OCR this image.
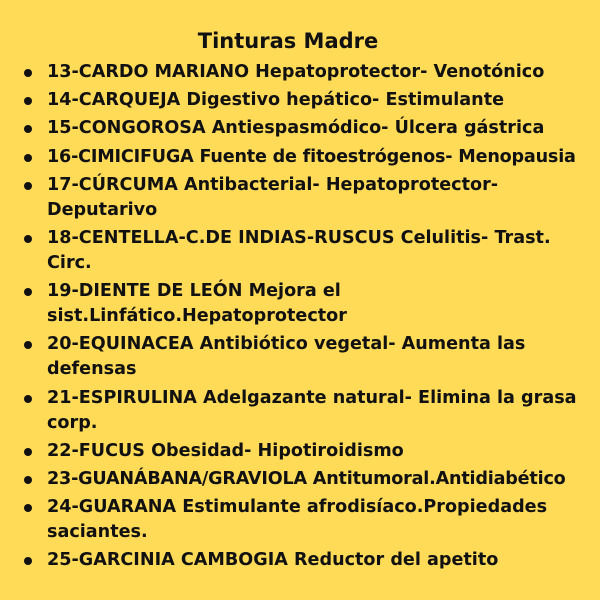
Tinturas Madre
13-CARDO MARIANO Hepatoprotector- Venotónico
14-CARQUEJA Digestivo hepático- Estimulante
15-CONGOROSA Antiespasmódico- Úlcera gástrica
16-CIMICIFUGA Fuente de fitoestrógenos- Menopausia
17-CÚRCUMA Antibacterial- Hepatoprotector- Deputarivo
18-CENTELLA-C.DE INDIAS-RUSCUS Celulitis- Trast. Circ.
19-DIENTE DE LEÓN Mejora el sist.Linfático.Hepatoprotector
20-EQUINACEA Antibiótico vegetal- Aumenta las defensas
21-ESPIRULINA Adelgazante natural- Elimina la grasa corp.
22-FUCUS Obesidad- Hipotiroidismo
23-GUANÁBANA/GRAVIOLA Antitumoral.Antidiabético
24-GUARANA Estimulante afrodisíaco.Propiedades saciantes.
25-GARCINIA CAMBOGIA Reductor del apetito
